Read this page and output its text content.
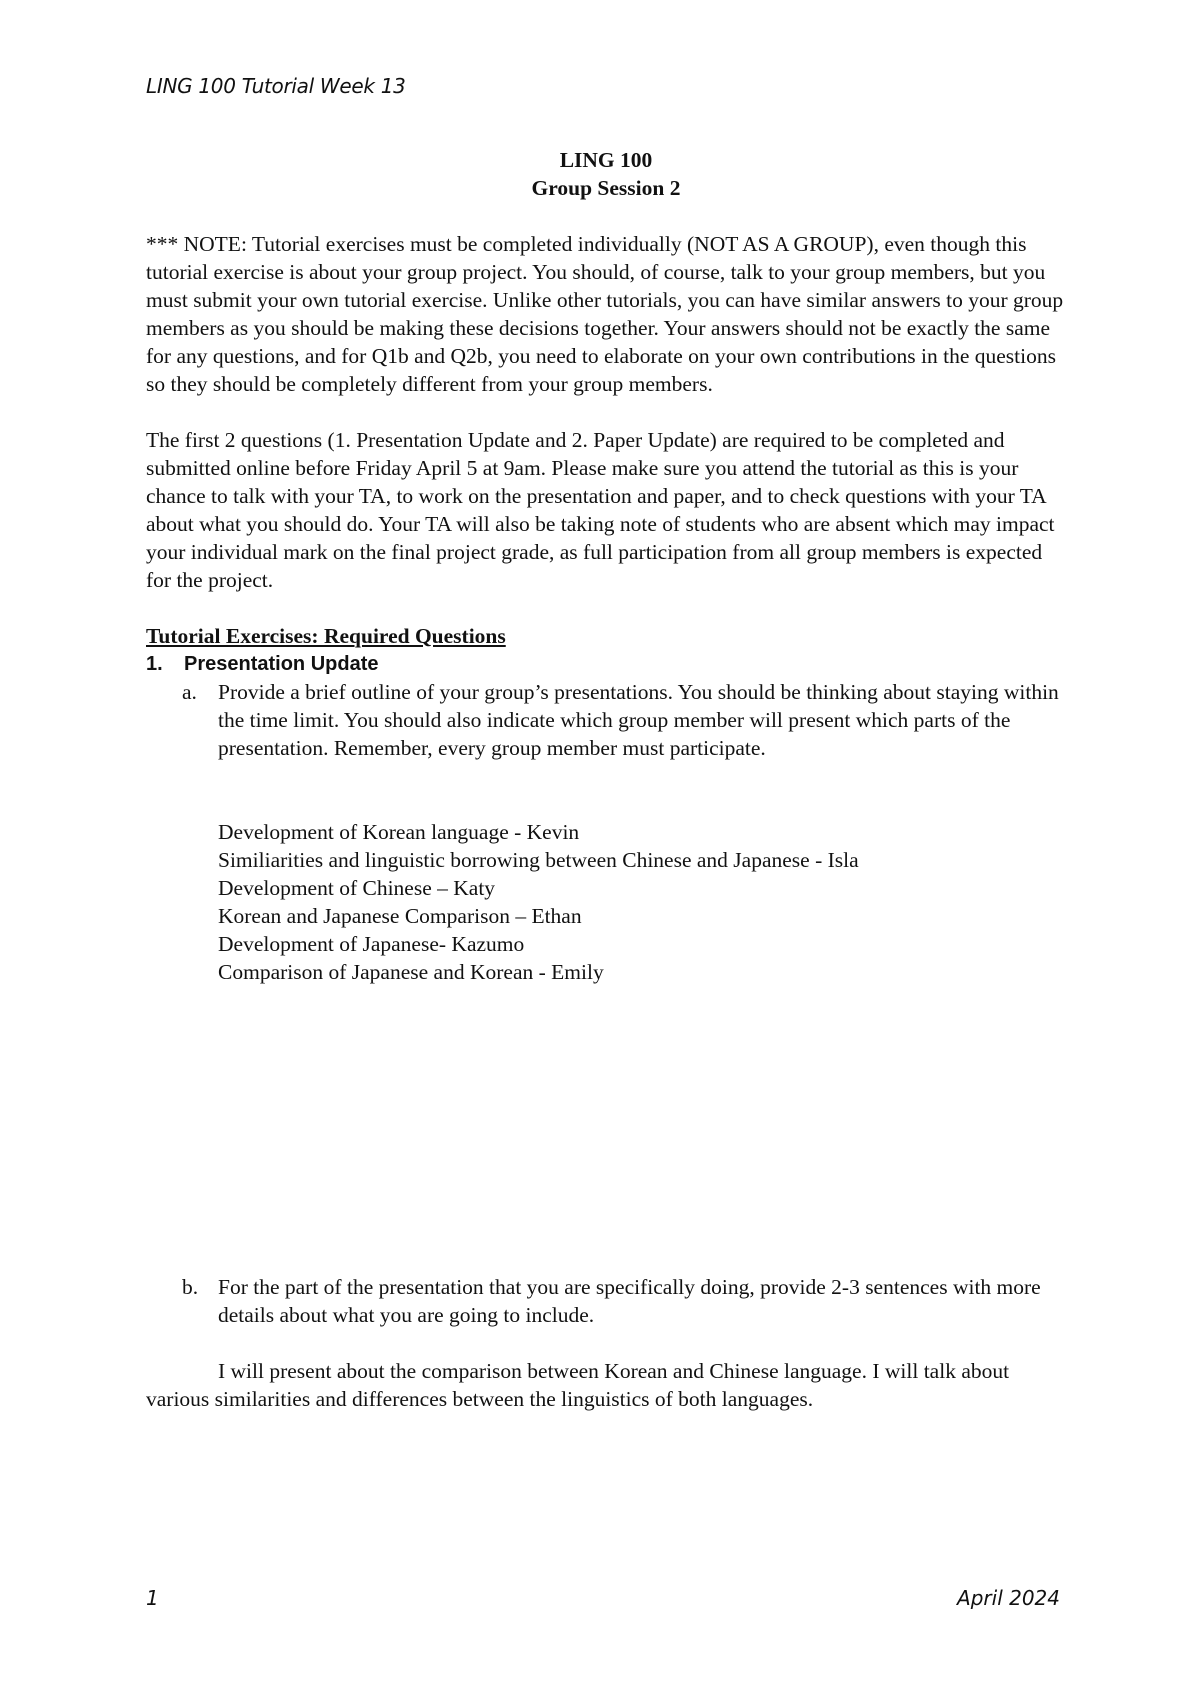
LING 100 Tutorial Week 13

LING 100

Group Session 2

*** NOTE: Tutorial exercises must be completed individually (NOT AS A GROUP), even though this tutorial exercise is about your group project. You should, of course, talk to your group members, but you must submit your own tutorial exercise. Unlike other tutorials, you can have similar answers to your group members as you should be making these decisions together. Your answers should not be exactly the same for any questions, and for Q1b and Q2b, you need to elaborate on your own contributions in the questions so they should be completely different from your group members.

The first 2 questions (1. Presentation Update and 2. Paper Update) are required to be completed and submitted online before Friday April 5 at 9am. Please make sure you attend the tutorial as this is your chance to talk with your TA, to work on the presentation and paper, and to check questions with your TA about what you should do. Your TA will also be taking note of students who are absent which may impact your individual mark on the final project grade, as full participation from all group members is expected for the project.

Tutorial Exercises: Required Questions

1.	Presentation Update
a. Provide a brief outline of your group’s presentations. You should be thinking about staying within the time limit. You should also indicate which group member will present which parts of the presentation. Remember, every group member must participate.
Development of Korean language - Kevin
Similiarities and linguistic borrowing between Chinese and Japanese - Isla
Development of Chinese – Katy
Korean and Japanese Comparison – Ethan
Development of Japanese- Kazumo
Comparison of Japanese and Korean - Emily
b. For the part of the presentation that you are specifically doing, provide 2-3 sentences with more details about what you are going to include.

I will present about the comparison between Korean and Chinese language. I will talk about various similarities and differences between the linguistics of both languages.

1	April 2024
